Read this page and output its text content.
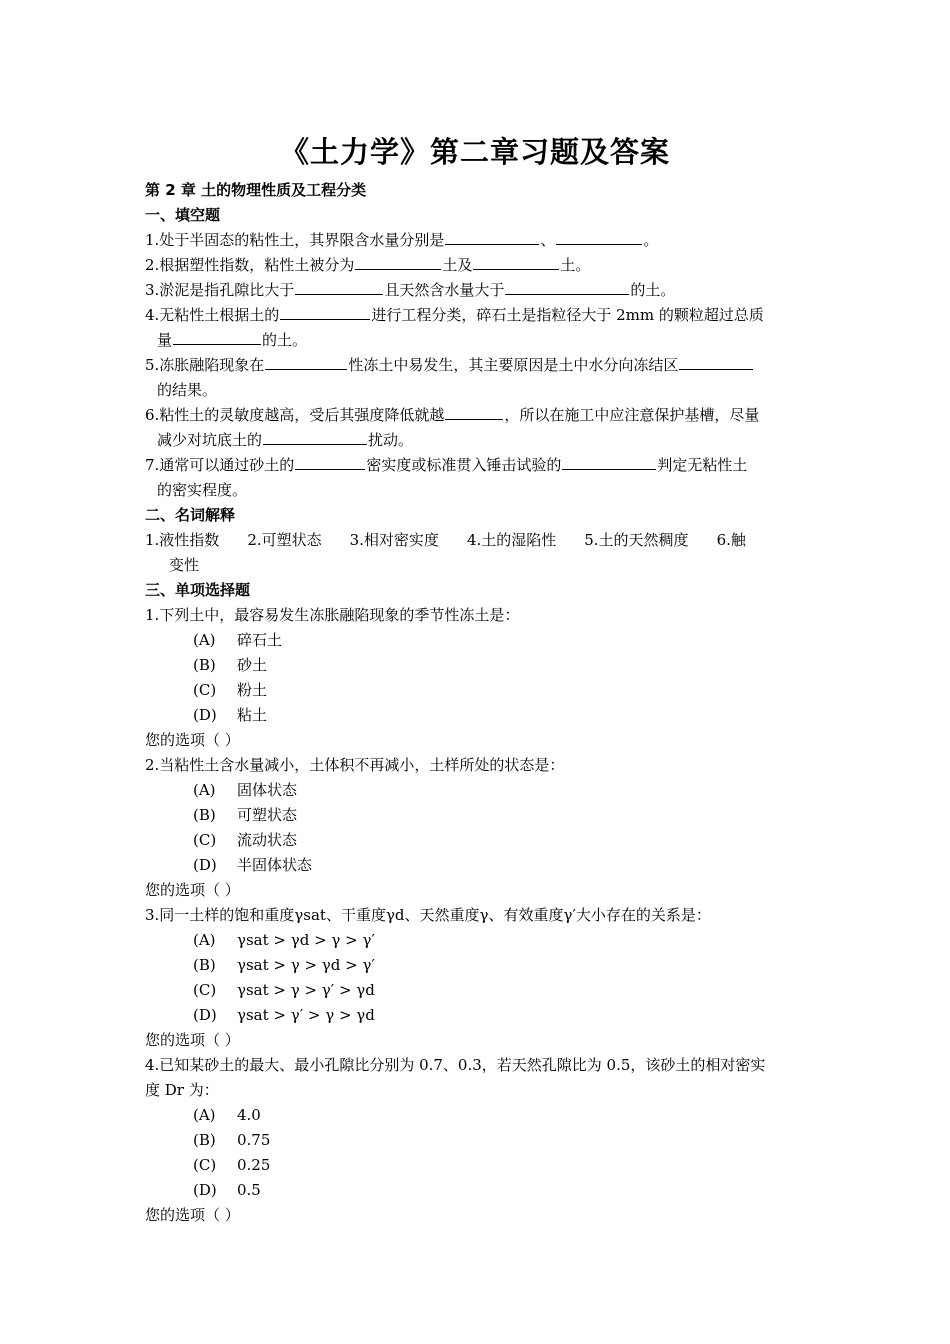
《土力学》第二章习题及答案
第 2 章 土的物理性质及工程分类
一、填空题
1.处于半固态的粘性土，其界限含水量分别是	、	。
2.根据塑性指数，粘性土被分为	土及	土。
3.淤泥是指孔隙比大于	且天然含水量大于	的土。
4.无粘性土根据土的	进行工程分类，碎石土是指粒径大于 2mm 的颗粒超过总质
量	的土。
5.冻胀融陷现象在	性冻土中易发生，其主要原因是土中水分向冻结区
的结果。
6.粘性土的灵敏度越高，受后其强度降低就越	，所以在施工中应注意保护基槽，尽量
减少对坑底土的	扰动。
7.通常可以通过砂土的	密实度或标准贯入锤击试验的	判定无粘性土
的密实程度。
二、名词解释
1.液性指数 2.可塑状态 3.相对密实度 4.土的湿陷性 5.土的天然稠度 6.触
变性
三、单项选择题
1.下列土中，最容易发生冻胀融陷现象的季节性冻土是：
(A) 碎石土
(B) 砂土
(C) 粉土
(D) 粘土
您的选项（ ）
2.当粘性土含水量减小，土体积不再减小，土样所处的状态是：
(A) 固体状态
(B) 可塑状态
(C) 流动状态
(D) 半固体状态
您的选项（ ）
3.同一土样的饱和重度γsat、干重度γd、天然重度γ、有效重度γ′大小存在的关系是：
(A) γsat > γd > γ > γ′
(B) γsat > γ > γd > γ′
(C) γsat > γ > γ′ > γd
(D) γsat > γ′ > γ > γd
您的选项（ ）
4.已知某砂土的最大、最小孔隙比分别为 0.7、0.3，若天然孔隙比为 0.5，该砂土的相对密实
度 Dr 为：
(A) 4.0
(B) 0.75
(C) 0.25
(D) 0.5
您的选项（ ）
